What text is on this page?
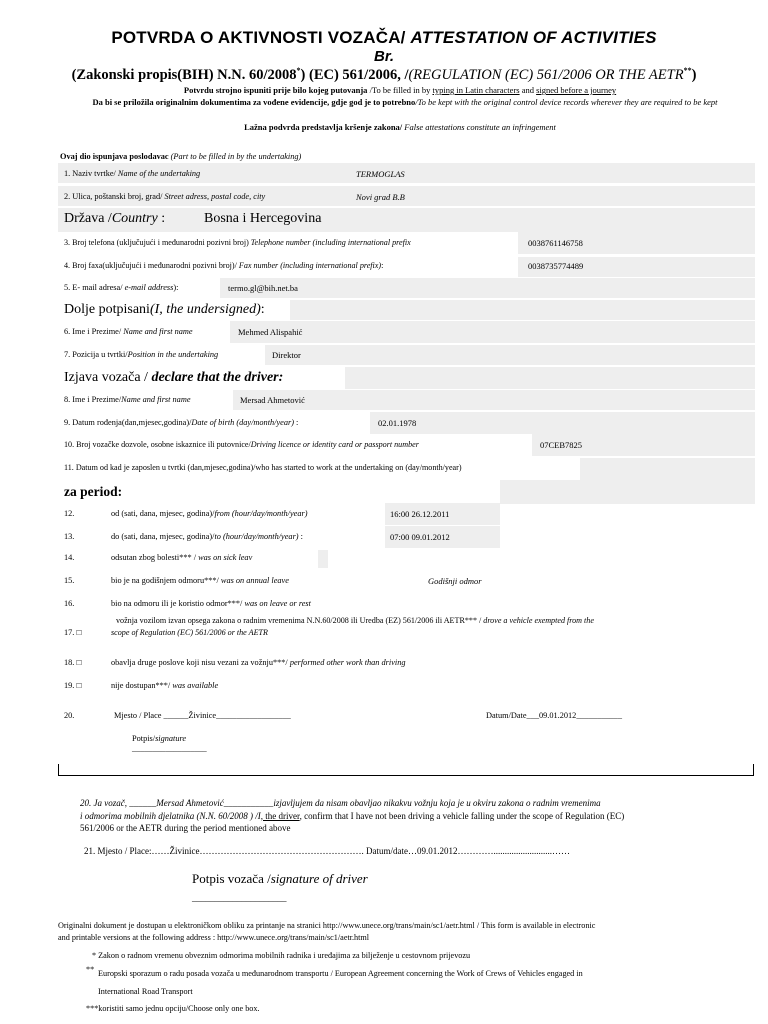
POTVRDA O AKTIVNOSTI VOZAČA/ ATTESTATION OF ACTIVITIES
Br.
(Zakonski propis(BIH) N.N. 60/2008*) (EC) 561/2006, /(REGULATION (EC) 561/2006 OR THE AETR**)
Potvrdu strojno ispuniti prije bilo kojeg putovanja /To be filled in by typing in Latin characters and signed before a journey
Da bi se priložila originalnim dokumentima za vođene evidencije, gdje god je to potrebno/To be kept with the original control device records wherever they are required to be kept
Lažna podvrda predstavlja kršenje zakona/ False attestations constitute an infringement
Ovaj dio ispunjava poslodavac (Part to be filled in by the undertaking)
1. Naziv tvrtke/ Name of the undertaking	TERMOGLAS
2. Ulica, poštanski broj, grad/ Street adress, postal code, city	Novi grad B.B
Država /Country :	Bosna i Hercegovina
3. Broj telefona (uključujući i međunarodni pozivni broj) Telephone number (including international prefix	0038761146758
4. Broj faxa(uključujući i međunarodni pozivni broj)/ Fax number (including international prefix):	0038735774489
5. E- mail adresa/ e-mail address):	termo.gl@bih.net.ba
Dolje potpisani(I, the undersigned):
6. Ime i Prezime/ Name and first name	Mehmed Alispahić
7. Pozicija u tvrtki/Position in the undertaking	Direktor
Izjava vozača / declare that the driver:
8. Ime i Prezime/Name and first name	Mersad Ahmetović
9. Datum rođenja(dan,mjesec,godina)/Date of birth (day/month/year) :	02.01.1978
10. Broj vozačke dozvole, osobne iskaznice ili putovnice/Driving licence or identity card or passport number	07CEB7825
11. Datum od kad je zaposlen u tvrtki (dan,mjesec,godina)/who has started to work at the undertaking on (day/month/year)
za period:
12.	od (sati, dana, mjesec, godina)/from (hour/day/month/year)	16:00 26.12.2011
13.	do (sati, dana, mjesec, godina)/to (hour/day/month/year) :	07:00 09.01.2012
14.	odsutan zbog bolesti*** / was on sick leav
15.	bio je na godišnjem odmoru***/ was on annual leave	Godišnji odmor
16.	bio na odmoru ili je koristio odmor***/ was on leave or rest
17. □
vožnja vozilom izvan opsega zakona o radnim vremenima N.N.60/2008 ili Uredba (EZ) 561/2006 ili AETR*** / drove a vehicle exempted from the
scope of Regulation (EC) 561/2006 or the AETR
18. □	obavlja druge poslove koji nisu vezani za vožnju***/ performed other work than driving
19. □	nije dostupan***/ was available
20.	Mjesto / Place ______Živinice__________________	Datum/Date___09.01.2012___________
Potpis/signature
__________________
20. Ja vozač, ______Mersad Ahmetović___________izjavljujem da nisam obavljao nikakvu vožnju koja je u okviru zakona o radnim vremenima
i odmorima mobilnih djelatnika (N.N. 60/2008 ) /I, the driver, confirm that I have not been driving a vehicle falling under the scope of Regulation (EC)
561/2006 or the AETR during the period mentioned above
21. Mjesto / Place:……Živinice………………………………………………. Datum/date…09.01.2012…………..........................……
Potpis vozača /signature of driver
_____________________
Originalni dokument je dostupan u elektroničkom obliku za printanje na stranici http://www.unece.org/trans/main/sc1/aetr.html / This form is available in electronic
and printable versions at the following address : http://www.unece.org/trans/main/sc1/aetr.html
* Zakon o radnom vremenu obveznim odmorima mobilnih radnika i uređajima za bilježenje u cestovnom prijevozu
** Europski sporazum o radu posada vozača u međunarodnom transportu / European Agreement concerning the Work of Crews of Vehicles engaged in
International Road Transport
***koristiti samo jednu opciju/Choose only one box.
